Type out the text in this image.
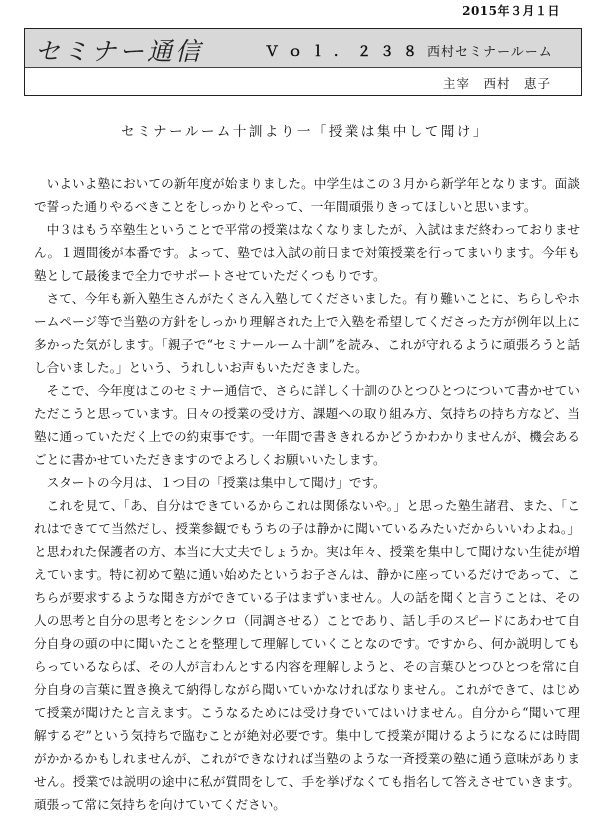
2015年３月１日
セミナー通信	Ｖｏｌ．２３８ 西村セミナールーム
主宰　西村　恵子
セミナールーム十訓より一「授業は集中して聞け」

いよいよ塾においての新年度が始まりました。中学生はこの３月から新学年となります。面談で誓った通りやるべきことをしっかりとやって、一年間頑張りきってほしいと思います。

中３はもう卒塾生ということで平常の授業はなくなりましたが、入試はまだ終わっておりません。１週間後が本番です。よって、塾では入試の前日まで対策授業を行ってまいります。今年も塾として最後まで全力でサポートさせていただくつもりです。

さて、今年も新入塾生さんがたくさん入塾してくださいました。有り難いことに、ちらしやホームページ等で当塾の方針をしっかり理解された上で入塾を希望してくださった方が例年以上に多かった気がします。「親子で“セミナールーム十訓”を読み、これが守れるように頑張ろうと話し合いました。」という、うれしいお声もいただきました。

そこで、今年度はこのセミナー通信で、さらに詳しく十訓のひとつひとつについて書かせていただこうと思っています。日々の授業の受け方、課題への取り組み方、気持ちの持ち方など、当塾に通っていただく上での約束事です。一年間で書ききれるかどうかわかりませんが、機会あるごとに書かせていただきますのでよろしくお願いいたします。

スタートの今月は、１つ目の「授業は集中して聞け」です。

これを見て、「あ、自分はできているからこれは関係ないや。」と思った塾生諸君、また、「これはできてて当然だし、授業参観でもうちの子は静かに聞いているみたいだからいいわよね。」と思われた保護者の方、本当に大丈夫でしょうか。実は年々、授業を集中して聞けない生徒が増えています。特に初めて塾に通い始めたというお子さんは、静かに座っているだけであって、こちらが要求するような聞き方ができている子はまずいません。人の話を聞くと言うことは、その人の思考と自分の思考とをシンクロ（同調させる）ことであり、話し手のスピードにあわせて自分自身の頭の中に聞いたことを整理して理解していくことなのです。ですから、何か説明してもらっているならば、その人が言わんとする内容を理解しようと、その言葉ひとつひとつを常に自分自身の言葉に置き換えて納得しながら聞いていかなければなりません。これができて、はじめて授業が聞けたと言えます。こうなるためには受け身でいてはいけません。自分から“聞いて理解するぞ”という気持ちで臨むことが絶対必要です。集中して授業が聞けるようになるには時間がかかるかもしれませんが、これができなければ当塾のような一斉授業の塾に通う意味がありません。授業では説明の途中に私が質問をして、手を挙げなくても指名して答えさせていきます。頑張って常に気持ちを向けていてください。
